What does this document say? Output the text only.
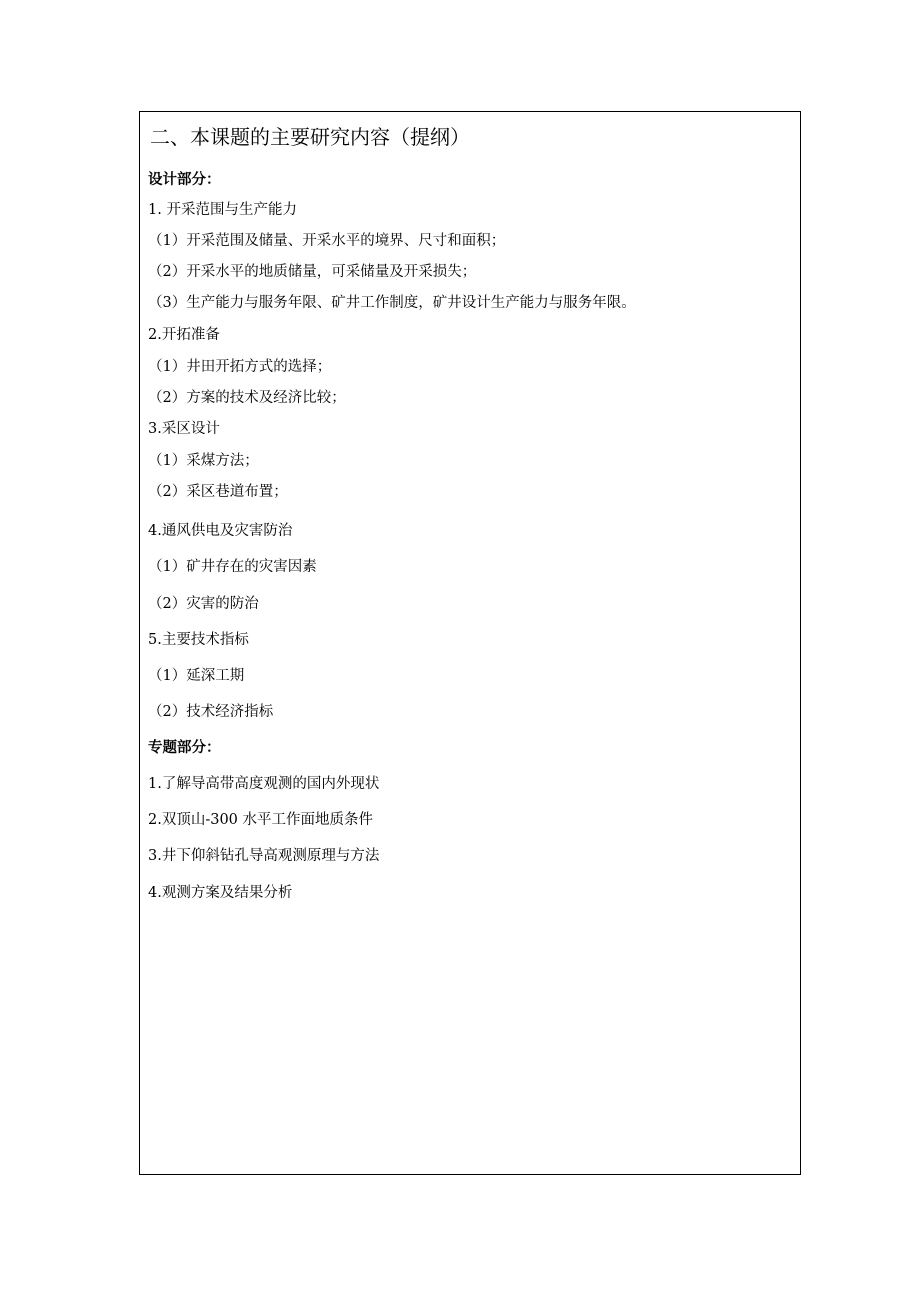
二、本课题的主要研究内容（提纲）
设计部分：
1. 开采范围与生产能力
（1）开采范围及储量、开采水平的境界、尺寸和面积；
（2）开采水平的地质储量，可采储量及开采损失；
（3）生产能力与服务年限、矿井工作制度，矿井设计生产能力与服务年限。
2.开拓准备
（1）井田开拓方式的选择；
（2）方案的技术及经济比较；
3.采区设计
（1）采煤方法；
（2）采区巷道布置；
4.通风供电及灾害防治
（1）矿井存在的灾害因素
（2）灾害的防治
5.主要技术指标
（1）延深工期
（2）技术经济指标
专题部分：
1.了解导高带高度观测的国内外现状
2.双顶山-300 水平工作面地质条件
3.井下仰斜钻孔导高观测原理与方法
4.观测方案及结果分析
